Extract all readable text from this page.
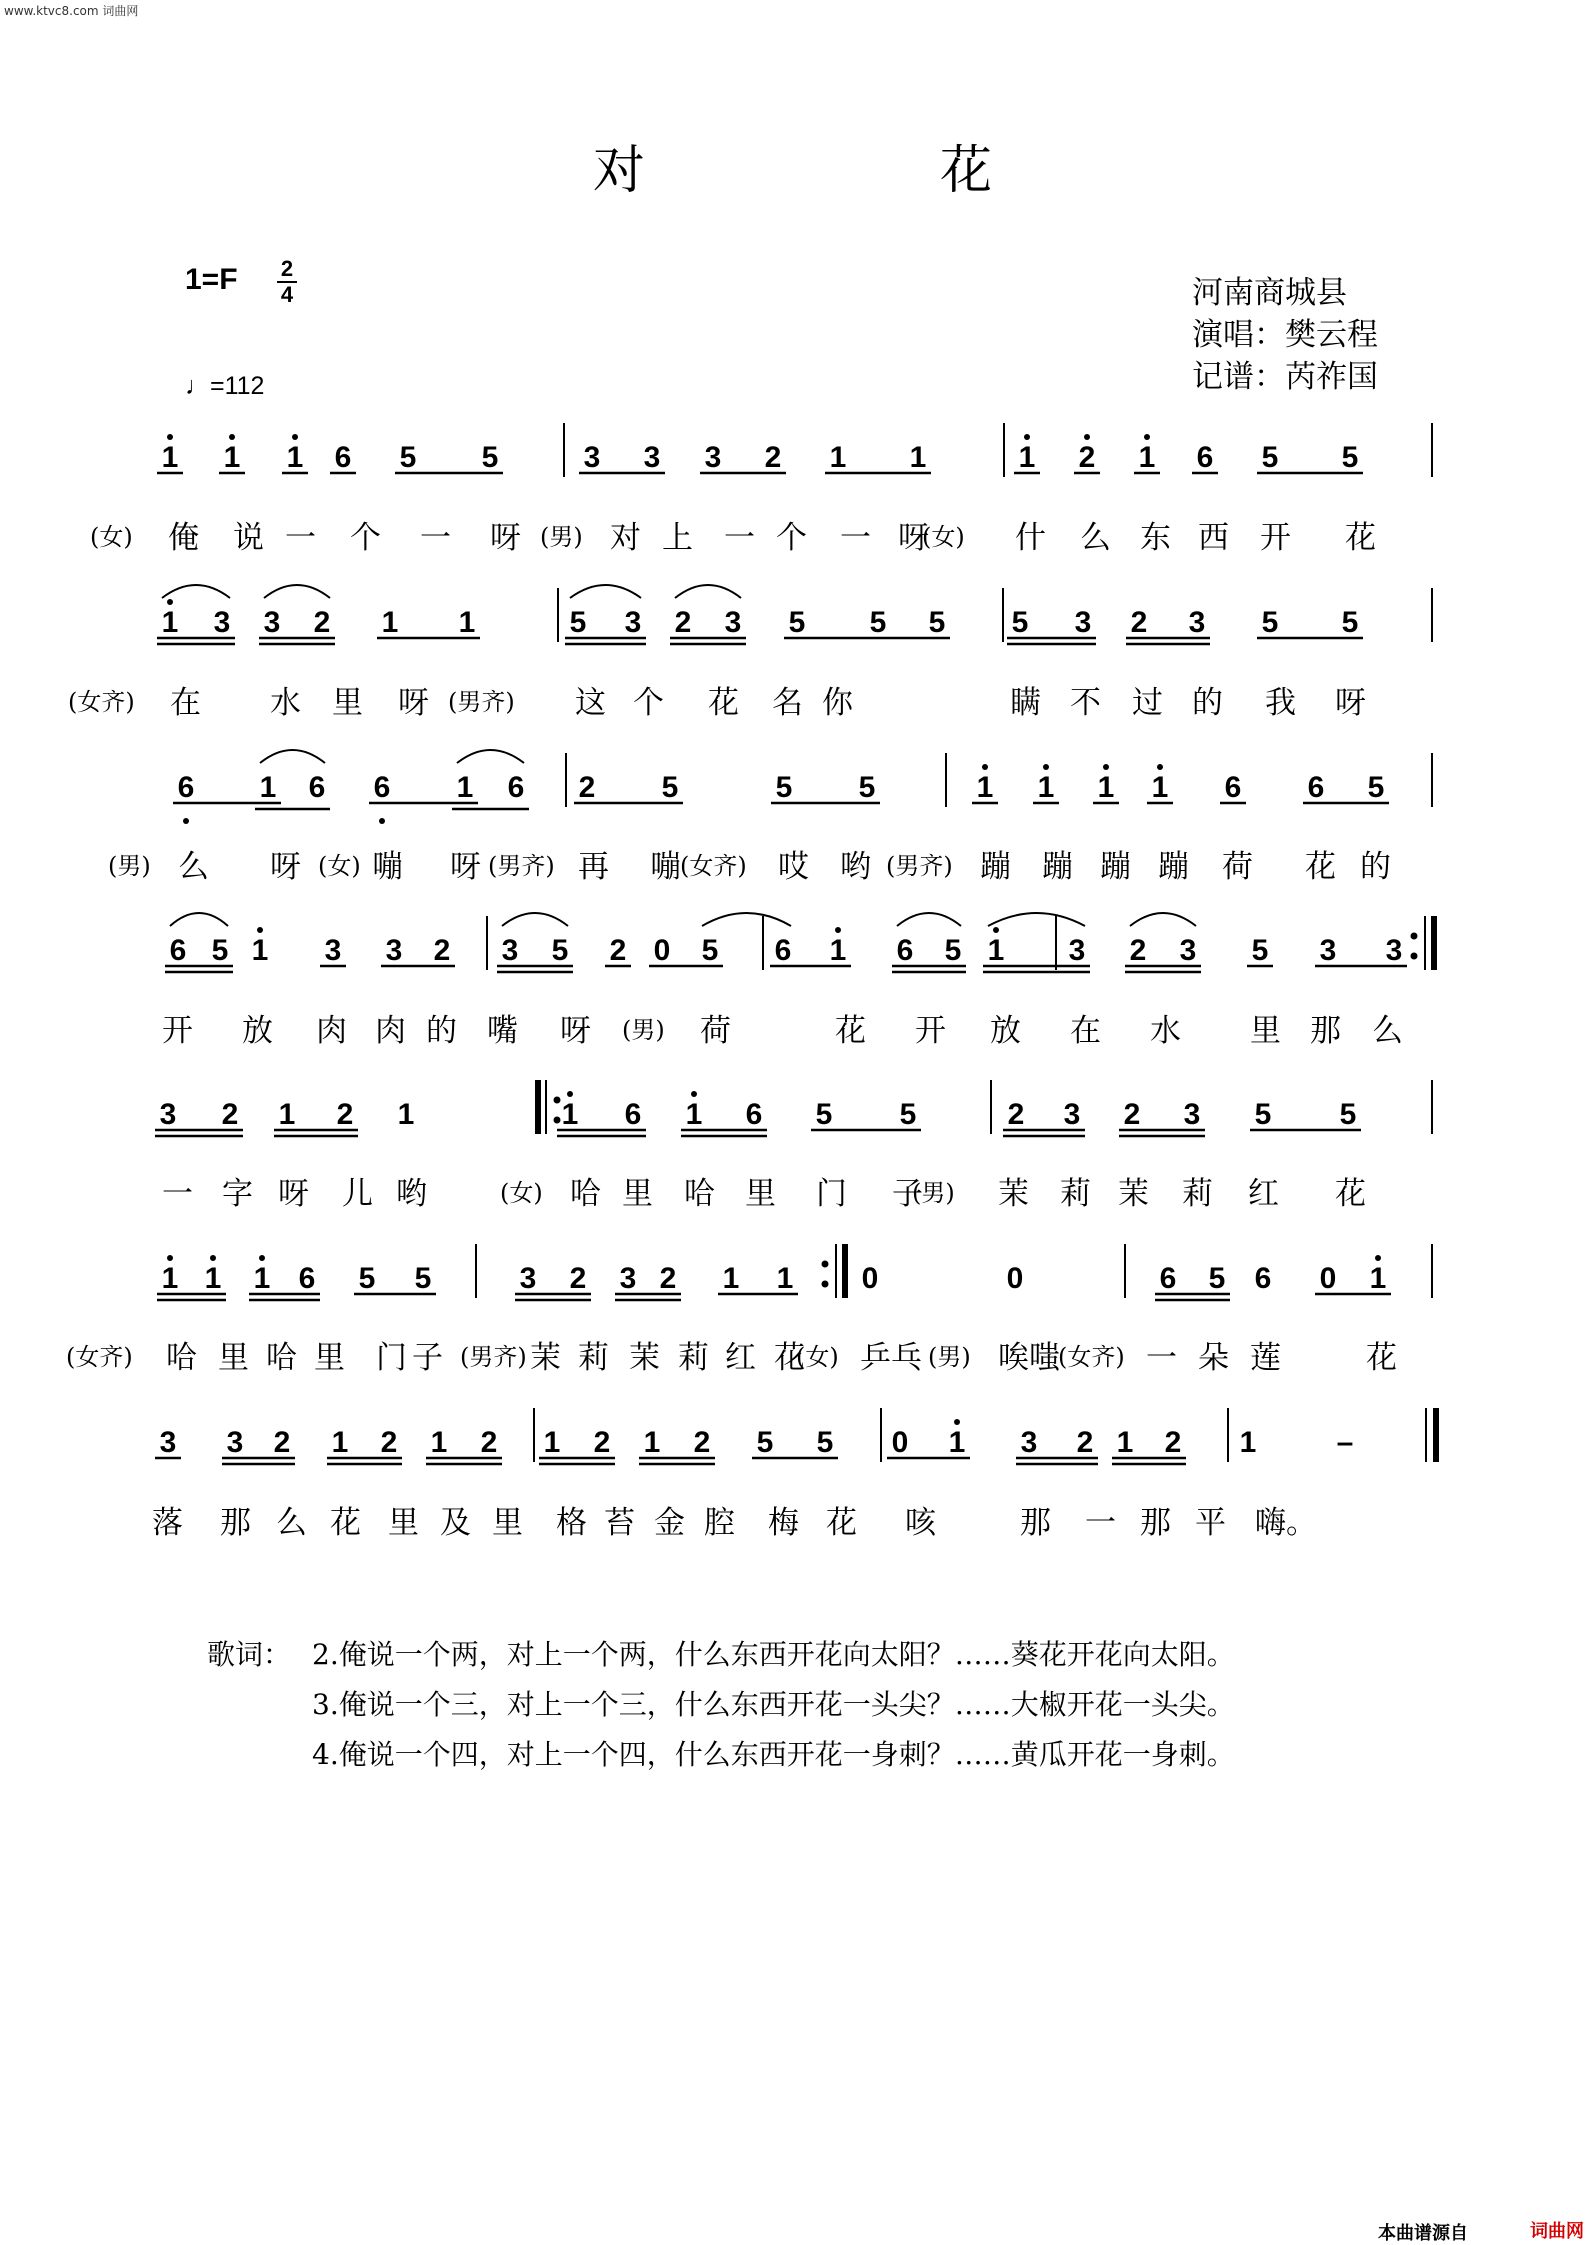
www.ktvc8.com 词曲网
对	花
1=F 2
4
♩=112
河南商城县
演唱：樊云程
记谱：芮祚国
1 1 1 6 5 5	3 3 3 2 1 1	1 2 1 6 5 5
(女) 俺 说 一 个 一 呀 (男) 对 上 一 个 一 呀
(女) 什 么 东 西 开 花
1 3 3 2 1 1	5 3 2 3 5 5 5 5 3 2 3 5 5
(女齐) 在 水 里 呀 (男齐) 这 个 花 名 你	瞒 不 过 的 我 呀
6 1 6 6 1 6 2 5	5 5	1 1 1 1 6 6 5
(男) 么 呀 (女) 嘣 呀 (男齐) 再 嘣 (女齐) 哎 哟 (男齐) 蹦 蹦 蹦 蹦 荷 花 的
6 5 1 3 3 2 3 5 2 0 5 6 1 6 5 1 3 2 3 5 3 3
开 放 肉 肉 的 嘴 呀 (男) 荷	花 开 放 在 水 里 那 么
3 2 1 2 1	1 6 1 6 5 5	2 3 2 3 5 5
一 字 呀 儿 哟	(女) 哈 里 哈 里 门 子
(男) 茉 莉 茉 莉 红 花
1 1 1 6 5 5	3 2 3 2 1 1 0	0	6 5 6 0 1
(女齐) 哈 里 哈 里 门 子 (男齐) 茉 莉 茉 莉 红 花
(女) 乒乓 (男) 唉嗤
(女齐) 一 朵 莲	花
3 3 2 1 2 1 2 1 2 1 2 5 5 0 1 3 2 1 2 1	–
落 那 么 花 里 及 里 格 苔 金 腔 梅 花 咳	那 一 那 平 嗨。
歌词： 2.俺说一个两，对上一个两，什么东西开花向太阳？……葵花开花向太阳。
3.俺说一个三，对上一个三，什么东西开花一头尖？……大椒开花一头尖。
4.俺说一个四，对上一个四，什么东西开花一身刺？……黄瓜开花一身刺。
本曲谱源自	词曲网
